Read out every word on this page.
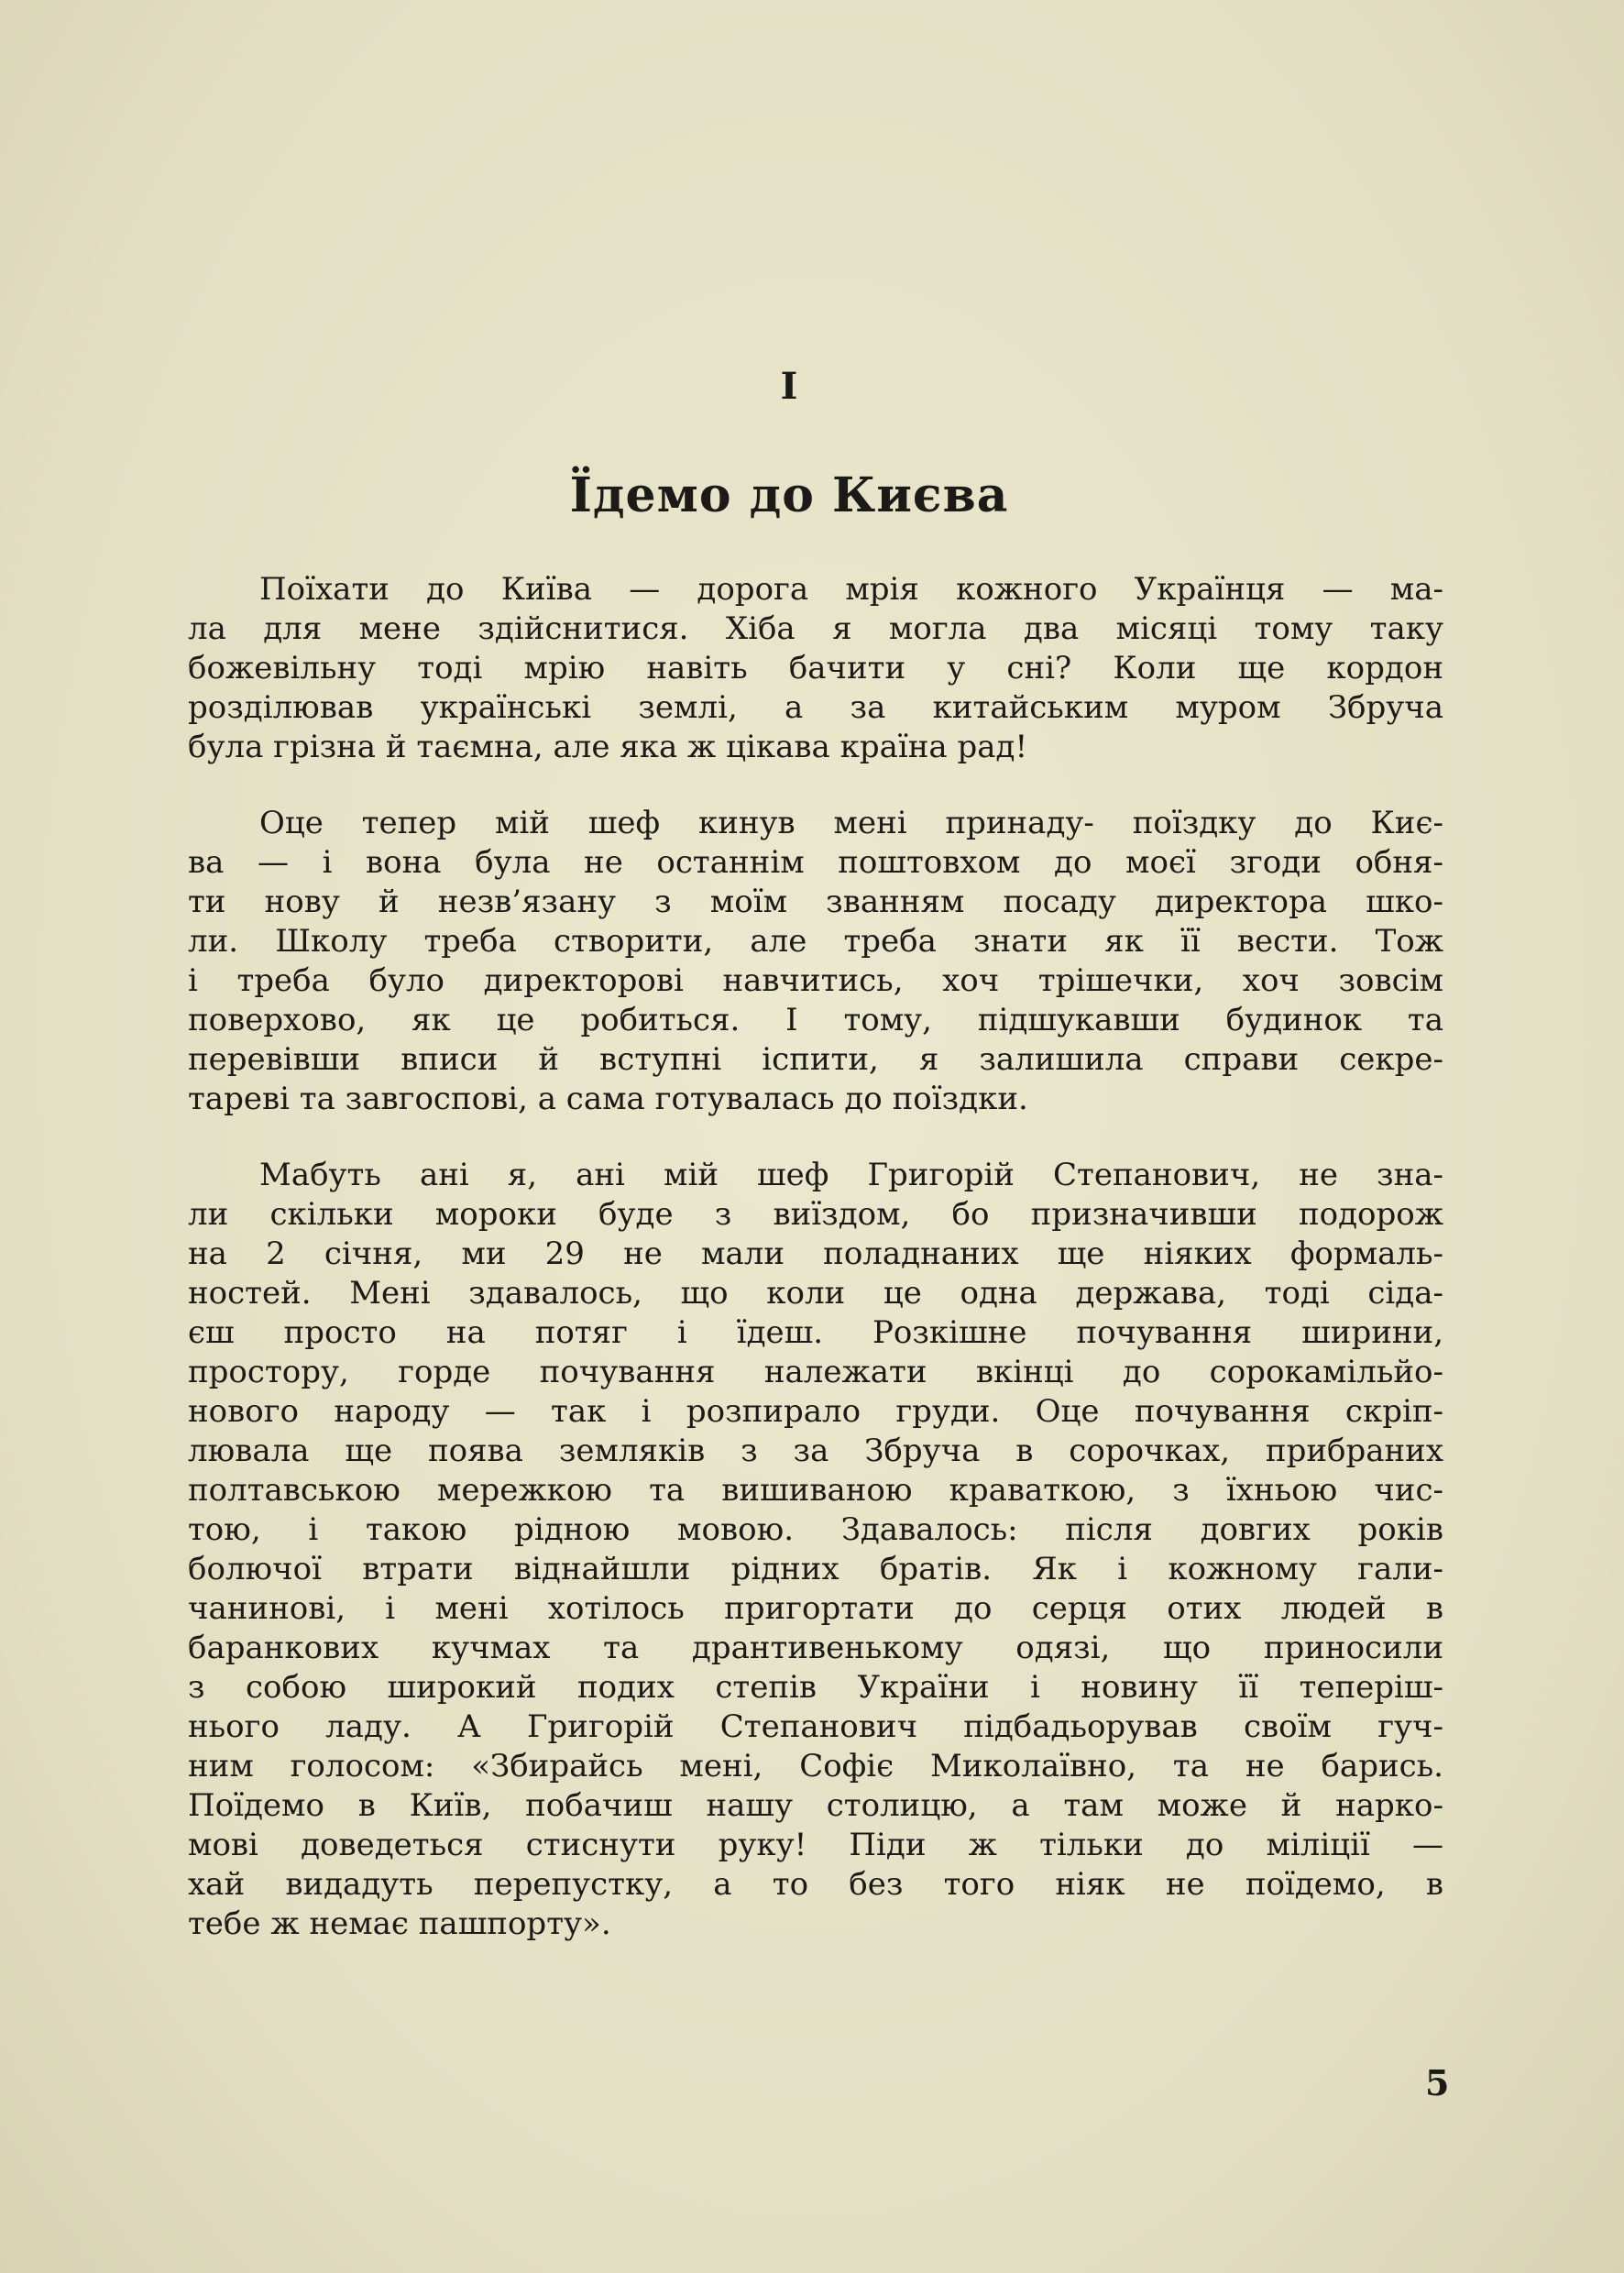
I
Їдемо до Києва
Поїхати до Київа — дорога мрія кожного Українця — ма-
ла для мене здійснитися. Хіба я могла два місяці тому таку
божевільну тоді мрію навіть бачити у сні? Коли ще кордон
розділював українські землі, а за китайським муром Збруча
була грізна й таємна, але яка ж цікава країна рад!
Оце тепер мій шеф кинув мені принаду- поїздку до Киє-
ва — і вона була не останнім поштовхом до моєї згоди обня-
ти нову й незв’язану з моїм званням посаду директора шко-
ли. Школу треба створити, але треба знати як її вести. Тож
і треба було директорові навчитись, хоч трішечки, хоч зовсім
поверхово, як це робиться. І тому, підшукавши будинок та
перевівши вписи й вступні іспити, я залишила справи секре-
тареві та завгоспові, а сама готувалась до поїздки.
Мабуть ані я, ані мій шеф Григорій Степанович, не зна-
ли скільки мороки буде з виїздом, бо призначивши подорож
на 2 січня, ми 29 не мали поладнаних ще ніяких формаль-
ностей. Мені здавалось, що коли це одна держава, тоді сіда-
єш просто на потяг і їдеш. Розкішне почування ширини,
простору, горде почування належати вкінці до сорокамільйо-
нового народу — так і розпирало груди. Оце почування скріп-
лювала ще поява земляків з за Збруча в сорочках, прибраних
полтавською мережкою та вишиваною краваткою, з їхньою чис-
тою, і такою рідною мовою. Здавалось: після довгих років
болючої втрати віднайшли рідних братів. Як і кожному гали-
чанинові, і мені хотілось пригортати до серця отих людей в
баранкових кучмах та дрантивенькому одязі, що приносили
з собою широкий подих степів України і новину її теперіш-
нього ладу. А Григорій Степанович підбадьорував своїм гуч-
ним голосом: «Збирайсь мені, Софіє Миколаївно, та не барись.
Поїдемо в Київ, побачиш нашу столицю, а там може й нарко-
мові доведеться стиснути руку! Піди ж тільки до міліції —
хай видадуть перепустку, а то без того ніяк не поїдемо, в
тебе ж немає пашпорту».
5
